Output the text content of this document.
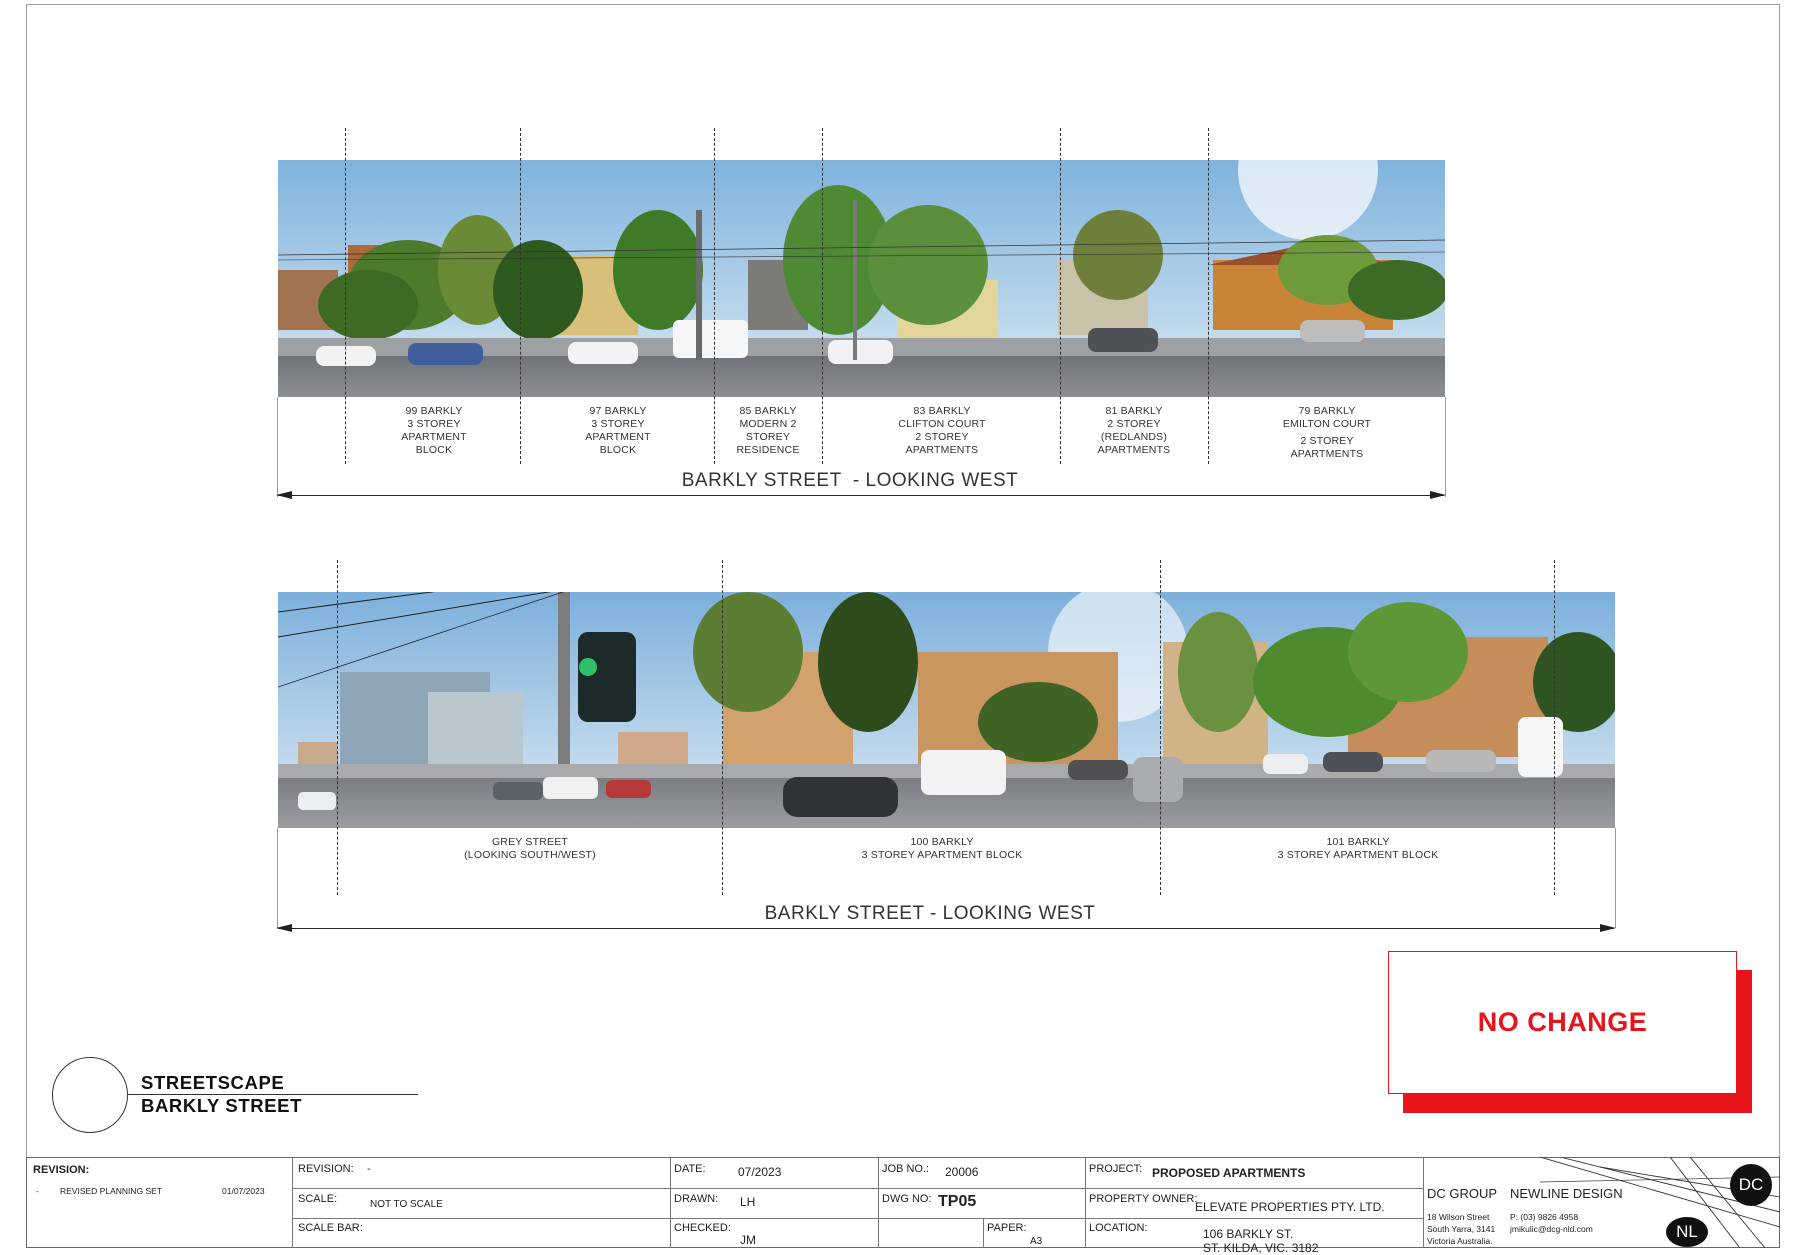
99 BARKLY
3 STOREY
APARTMENT
BLOCK
97 BARKLY
3 STOREY
APARTMENT
BLOCK
85 BARKLY
MODERN 2
STOREY
RESIDENCE
83 BARKLY
CLIFTON COURT
2 STOREY
APARTMENTS
81 BARKLY
2 STOREY
(REDLANDS)
APARTMENTS
79 BARKLY
EMILTON COURT
2 STOREY
APARTMENTS
BARKLY STREET  - LOOKING WEST
GREY STREET
(LOOKING SOUTH/WEST)
100 BARKLY
3 STOREY APARTMENT BLOCK
101 BARKLY
3 STOREY APARTMENT BLOCK
BARKLY STREET - LOOKING WEST
NO CHANGE
STREETSCAPE
BARKLY STREET
REVISION:
- REVISED PLANNING SET	01/07/2023
REVISION: -
SCALE:	NOT TO SCALE
SCALE BAR:
DATE:	07/2023
DRAWN: LH
CHECKED:
JM
JOB NO.: 20006
DWG NO: TP05
PAPER:
A3
PROJECT: PROPOSED APARTMENTS
PROPERTY OWNER:
ELEVATE PROPERTIES PTY. LTD.
LOCATION:	106 BARKLY ST.
ST. KILDA, VIC. 3182
DC GROUP NEWLINE DESIGN
18 Wilson Street
South Yarra, 3141
Victoria Australia.
P: (03) 9826 4958
jmikulic@dcg-nld.com
DC
NL
